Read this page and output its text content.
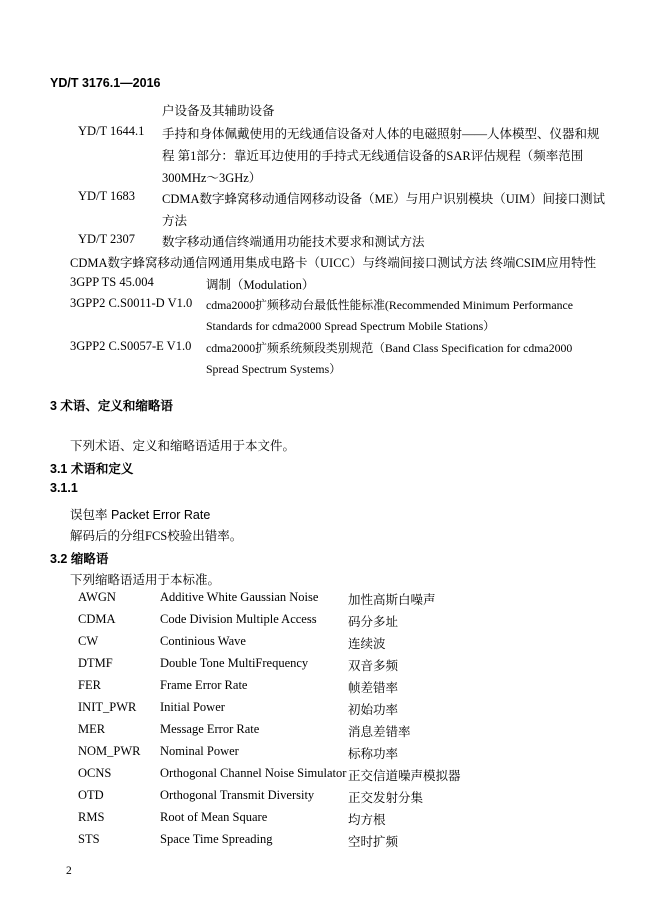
YD/T 3176.1—2016
户设备及其辅助设备
YD/T 1644.1 手持和身体佩戴使用的无线通信设备对人体的电磁照射——人体模型、仪器和规
程 第1部分：靠近耳边使用的手持式无线通信设备的SAR评估规程（频率范围
300MHz～3GHz）
YD/T 1683 CDMA数字蜂窝移动通信网移动设备（ME）与用户识别模块（UIM）间接口测试
方法
YD/T 2307 数字移动通信终端通用功能技术要求和测试方法
CDMA数字蜂窝移动通信网通用集成电路卡（UICC）与终端间接口测试方法 终端CSIM应用特性
3GPP TS 45.004	调制（Modulation）
3GPP2 C.S0011-D V1.0 cdma2000扩频移动台最低性能标准(Recommended Minimum Performance
Standards for cdma2000 Spread Spectrum Mobile Stations）
3GPP2 C.S0057-E V1.0 cdma2000扩频系统频段类别规范（Band Class Specification for cdma2000
Spread Spectrum Systems）
3 术语、定义和缩略语
下列术语、定义和缩略语适用于本文件。
3.1 术语和定义
3.1.1
误包率 Packet Error Rate
解码后的分组FCS校验出错率。
3.2 缩略语
下列缩略语适用于本标准。
AWGN	Additive White Gaussian Noise 加性高斯白噪声
CDMA	Code Division Multiple Access	码分多址
CW	Continious Wave	连续波
DTMF	Double Tone MultiFrequency	双音多频
FER	Frame Error Rate	帧差错率
INIT_PWR Initial Power	初始功率
MER	Message Error Rate	消息差错率
NOM_PWR Nominal Power	标称功率
OCNS	Orthogonal Channel Noise Simulator 正交信道噪声模拟器
OTD	Orthogonal Transmit Diversity	正交发射分集
RMS	Root of Mean Square	均方根
STS	Space Time Spreading	空时扩频
2
